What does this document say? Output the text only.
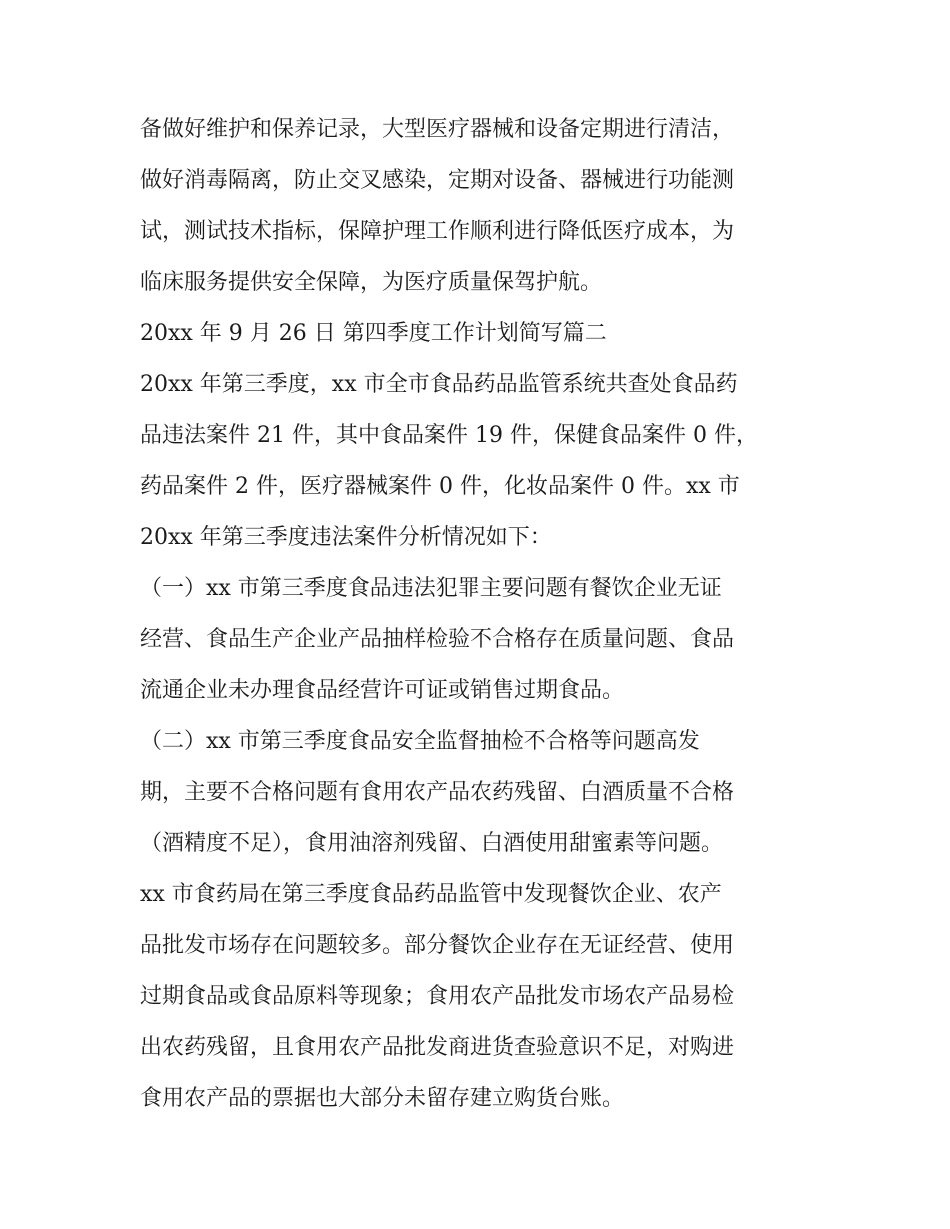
备做好维护和保养记录，大型医疗器械和设备定期进行清洁，
做好消毒隔离，防止交叉感染，定期对设备、器械进行功能测
试，测试技术指标，保障护理工作顺利进行降低医疗成本，为
临床服务提供安全保障，为医疗质量保驾护航。
20xx 年 9 月 26 日 第四季度工作计划简写篇二
20xx 年第三季度，xx 市全市食品药品监管系统共查处食品药
品违法案件 21 件，其中食品案件 19 件，保健食品案件 0 件，
药品案件 2 件，医疗器械案件 0 件，化妆品案件 0 件。xx 市
20xx 年第三季度违法案件分析情况如下：
（一）xx 市第三季度食品违法犯罪主要问题有餐饮企业无证
经营、食品生产企业产品抽样检验不合格存在质量问题、食品
流通企业未办理食品经营许可证或销售过期食品。
（二）xx 市第三季度食品安全监督抽检不合格等问题高发
期，主要不合格问题有食用农产品农药残留、白酒质量不合格
（酒精度不足），食用油溶剂残留、白酒使用甜蜜素等问题。
xx 市食药局在第三季度食品药品监管中发现餐饮企业、农产
品批发市场存在问题较多。部分餐饮企业存在无证经营、使用
过期食品或食品原料等现象；食用农产品批发市场农产品易检
出农药残留，且食用农产品批发商进货查验意识不足，对购进
食用农产品的票据也大部分未留存建立购货台账。
